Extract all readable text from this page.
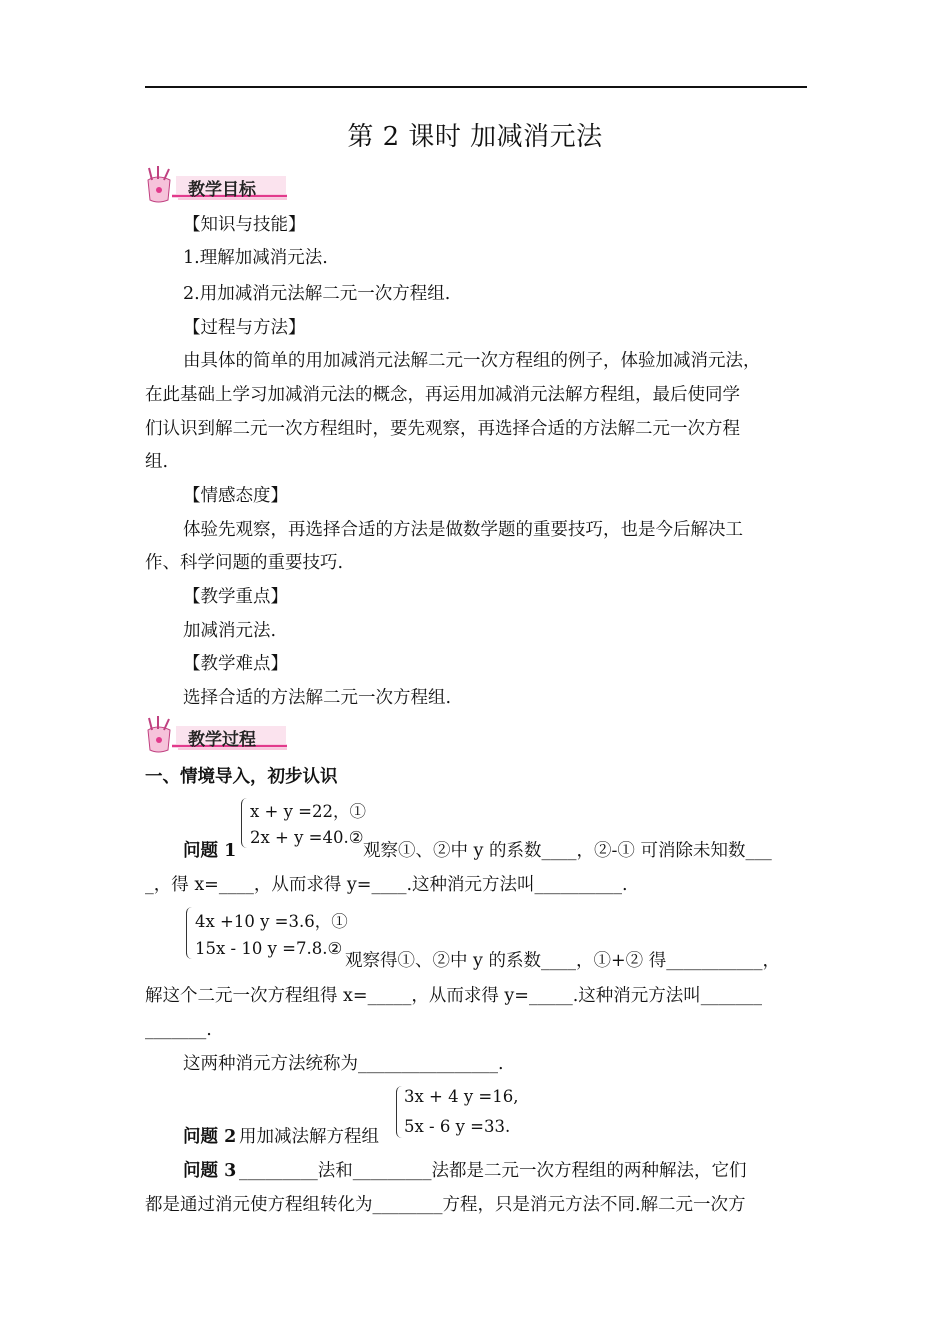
第 2 课时 加减消元法
教学目标
【知识与技能】
1.理解加减消元法.
2.用加减消元法解二元一次方程组.
【过程与方法】
由具体的简单的用加减消元法解二元一次方程组的例子，体验加减消元法，
在此基础上学习加减消元法的概念，再运用加减消元法解方程组，最后使同学
们认识到解二元一次方程组时，要先观察，再选择合适的方法解二元一次方程
组.
【情感态度】
体验先观察，再选择合适的方法是做数学题的重要技巧，也是今后解决工
作、科学问题的重要技巧.
【教学重点】
加减消元法.
【教学难点】
选择合适的方法解二元一次方程组.
教学过程
一、情境导入，初步认识
x + y =22，①
2x + y =40.②
问题 1	观察①、②中 y 的系数____，②-① 可消除未知数___
_，得 x=____，从而求得 y=____.这种消元方法叫__________.
4x +10 y =3.6，①
15x - 10 y =7.8.②
观察得①、②中 y 的系数____，①+② 得___________，
解这个二元一次方程组得 x=_____，从而求得 y=_____.这种消元方法叫_______
_______.
这两种消元方法统称为________________.
3x + 4 y =16,
5x - 6 y =33.
问题 2 用加减法解方程组
问题 3 _________法和_________法都是二元一次方程组的两种解法，它们
都是通过消元使方程组转化为________方程，只是消元方法不同.解二元一次方
